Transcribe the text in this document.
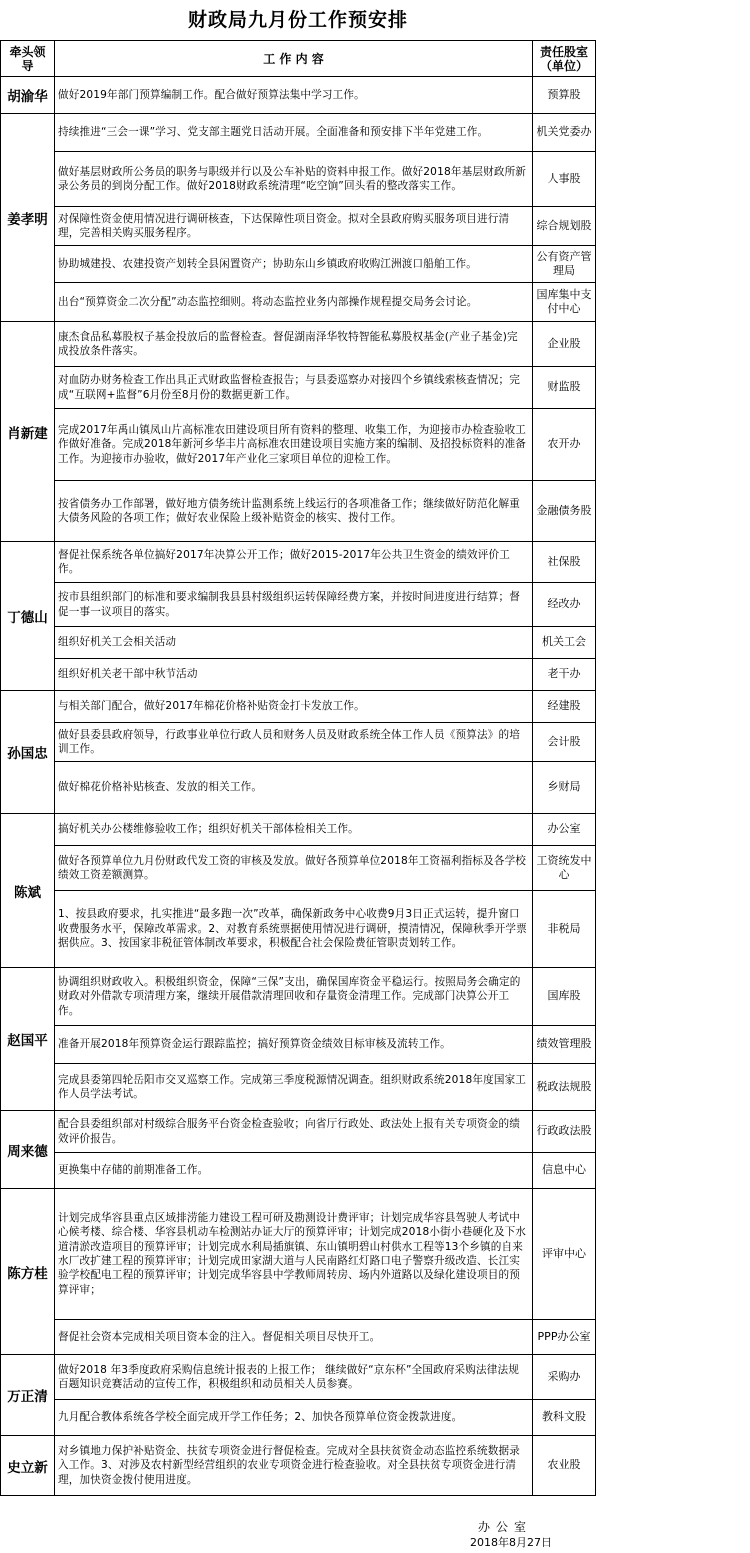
财政局九月份工作预安排
牵头领导	工 作 内 容	责任股室（单位）
胡渝华	做好2019年部门预算编制工作。配合做好预算法集中学习工作。	预算股
姜孝明	持续推进“三会一课”学习、党支部主题党日活动开展。全面准备和预安排下半年党建工作。	机关党委办
	做好基层财政所公务员的职务与职级并行以及公车补贴的资料申报工作。做好2018年基层财政所新录公务员的到岗分配工作。做好2018财政系统清理“吃空饷”回头看的整改落实工作。	人事股
	对保障性资金使用情况进行调研核查，下达保障性项目资金。拟对全县政府购买服务项目进行清理，完善相关购买服务程序。	综合规划股
	协助城建投、农建投资产划转全县闲置资产；协助东山乡镇政府收购江洲渡口船舶工作。	公有资产管理局
	出台“预算资金二次分配”动态监控细则。将动态监控业务内部操作规程提交局务会讨论。	国库集中支付中心
肖新建	康杰食品私募股权子基金投放后的监督检查。督促湖南泽华牧特智能私募股权基金(产业子基金)完成投放条件落实。	企业股
	对血防办财务检查工作出具正式财政监督检查报告；与县委巡察办对接四个乡镇线索核查情况；完成“互联网+监督”6月份至8月份的数据更新工作。	财监股
	完成2017年禹山镇凤山片高标准农田建设项目所有资料的整理、收集工作，为迎接市办检查验收工作做好准备。完成2018年新河乡华丰片高标准农田建设项目实施方案的编制、及招投标资料的准备工作。为迎接市办验收，做好2017年产业化三家项目单位的迎检工作。	农开办
	按省债务办工作部署，做好地方债务统计监测系统上线运行的各项准备工作；继续做好防范化解重大债务风险的各项工作；做好农业保险上级补贴资金的核实、拨付工作。	金融债务股
丁德山	督促社保系统各单位搞好2017年决算公开工作；做好2015-2017年公共卫生资金的绩效评价工作。	社保股
	按市县组织部门的标准和要求编制我县县村级组织运转保障经费方案，并按时间进度进行结算；督促一事一议项目的落实。	经改办
	组织好机关工会相关活动	机关工会
	组织好机关老干部中秋节活动	老干办
孙国忠	与相关部门配合，做好2017年棉花价格补贴资金打卡发放工作。	经建股
	做好县委县政府领导，行政事业单位行政人员和财务人员及财政系统全体工作人员《预算法》的培训工作。	会计股
	做好棉花价格补贴核查、发放的相关工作。	乡财局
陈斌	搞好机关办公楼维修验收工作；组织好机关干部体检相关工作。	办公室
	做好各预算单位九月份财政代发工资的审核及发放。做好各预算单位2018年工资福利指标及各学校绩效工资差额测算。	工资统发中心
	1、按县政府要求，扎实推进“最多跑一次”改革，确保新政务中心收费9月3日正式运转，提升窗口收费服务水平，保障改革需求。2、对教育系统票据使用情况进行调研，摸清情况，保障秋季开学票据供应。3、按国家非税征管体制改革要求，积极配合社会保险费征管职责划转工作。	非税局
赵国平	协调组织财政收入。积极组织资金，保障“三保”支出，确保国库资金平稳运行。按照局务会确定的财政对外借款专项清理方案，继续开展借款清理回收和存量资金清理工作。完成部门决算公开工作。	国库股
	准备开展2018年预算资金运行跟踪监控；搞好预算资金绩效目标审核及流转工作。	绩效管理股
	完成县委第四轮岳阳市交叉巡察工作。完成第三季度税源情况调查。组织财政系统2018年度国家工作人员学法考试。	税政法规股
周来德	配合县委组织部对村级综合服务平台资金检查验收；向省厅行政处、政法处上报有关专项资金的绩效评价报告。	行政政法股
	更换集中存储的前期准备工作。	信息中心
陈方桂	计划完成华容县重点区域排涝能力建设工程可研及勘测设计费评审；计划完成华容县驾驶人考试中心候考楼、综合楼、华容县机动车检测站办证大厅的预算评审；计划完成2018小街小巷硬化及下水道清淤改造项目的预算评审；计划完成水利局插旗镇、东山镇明碧山村供水工程等13个乡镇的自来水厂改扩建工程的预算评审；计划完成田家湖大道与人民南路红灯路口电子警察升级改造、长江实验学校配电工程的预算评审；计划完成华容县中学教师周转房、场内外道路以及绿化建设项目的预算评审；	评审中心
	督促社会资本完成相关项目资本金的注入。督促相关项目尽快开工。	PPP办公室
万正清	做好2018 年3季度政府采购信息统计报表的上报工作； 继续做好“京东杯”全国政府采购法律法规百题知识竞赛活动的宣传工作，积极组织和动员相关人员参赛。	采购办
	九月配合教体系统各学校全面完成开学工作任务；2、加快各预算单位资金拨款进度。	教科文股
史立新	对乡镇地力保护补贴资金、扶贫专项资金进行督促检查。完成对全县扶贫资金动态监控系统数据录入工作。3、对涉及农村新型经营组织的农业专项资金进行检查验收。对全县扶贫专项资金进行清理，加快资金拨付使用进度。	农业股
办公室
2018年8月27日
